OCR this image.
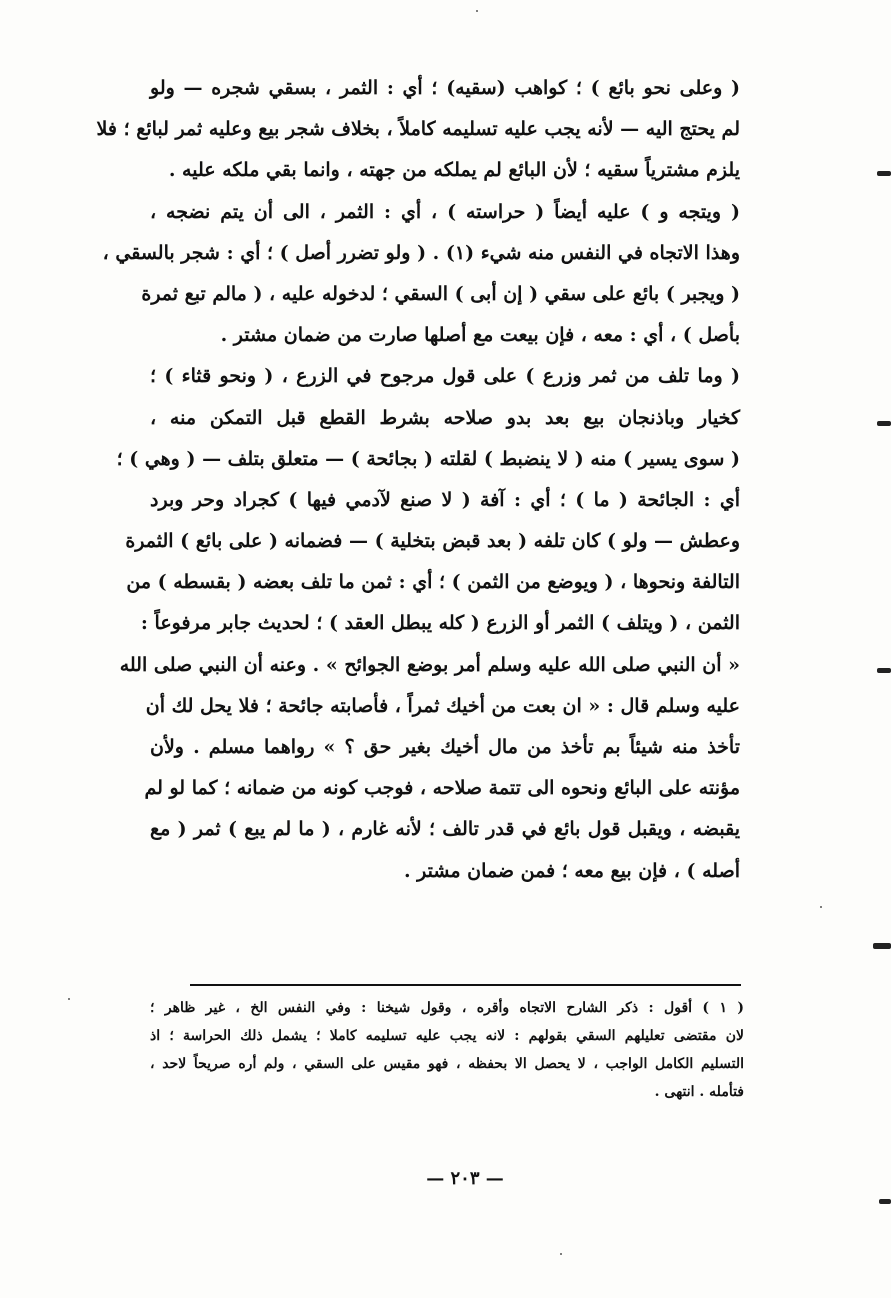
( وعلى نحو بائع ) ؛ كواهب (سقيه) ؛ أي : الثمر ، بسقي شجره — ولو
لم يحتج اليه — لأنه يجب عليه تسليمه كاملاً ، بخلاف شجر بيع وعليه ثمر لبائع ؛ فلا
يلزم مشترياً سقيه ؛ لأن البائع لم يملكه من جهته ، وانما بقي ملكه عليه .
( ويتجه و ) عليه أيضاً ( حراسته ) ، أي : الثمر ، الى أن يتم نضجه ،
وهذا الاتجاه في النفس منه شيء (١) . ( ولو تضرر أصل ) ؛ أي : شجر بالسقي ،
( ويجبر ) بائع على سقي ( إن أبى ) السقي ؛ لدخوله عليه ، ( مالم تبع ثمرة
بأصل ) ، أي : معه ، فإن بيعت مع أصلها صارت من ضمان مشتر .
( وما تلف من ثمر وزرع ) على قول مرجوح في الزرع ، ( ونحو قثاء ) ؛
كخيار وباذنجان بيع بعد بدو صلاحه بشرط القطع قبل التمكن منه ،
( سوى يسير ) منه ( لا ينضبط ) لقلته ( بجائحة ) — متعلق بتلف — ( وهي ) ؛
أي : الجائحة ( ما ) ؛ أي : آفة ( لا صنع لآدمي فيها ) كجراد وحر وبرد
وعطش — ولو ) كان تلفه ( بعد قبض بتخلية ) — فضمانه ( على بائع ) الثمرة
التالفة ونحوها ، ( ويوضع من الثمن ) ؛ أي : ثمن ما تلف بعضه ( بقسطه ) من
الثمن ، ( ويتلف ) الثمر أو الزرع ( كله يبطل العقد ) ؛ لحديث جابر مرفوعاً :
« أن النبي صلى الله عليه وسلم أمر بوضع الجوائح » . وعنه أن النبي صلى الله
عليه وسلم قال : « ان بعت من أخيك ثمراً ، فأصابته جائحة ؛ فلا يحل لك أن
تأخذ منه شيئاً بم تأخذ من مال أخيك بغير حق ؟ » رواهما مسلم . ولأن
مؤنته على البائع ونحوه الى تتمة صلاحه ، فوجب كونه من ضمانه ؛ كما لو لم
يقبضه ، ويقبل قول بائع في قدر تالف ؛ لأنه غارم ، ( ما لم يبع ) ثمر ( مع
أصله ) ، فإن بيع معه ؛ فمن ضمان مشتر .
( ١ ) أقول : ذكر الشارح الاتجاه وأقره ، وقول شيخنا : وفي النفس الخ ، غير ظاهر ؛
لان مقتضى تعليلهم السقي بقولهم : لانه يجب عليه تسليمه كاملا ؛ يشمل ذلك الحراسة ؛ اذ
التسليم الكامل الواجب ، لا يحصل الا بحفظه ، فهو مقيس على السقي ، ولم أره صريحاً لاحد ،
فتأمله . انتهى .
— ٢٠٣ —
